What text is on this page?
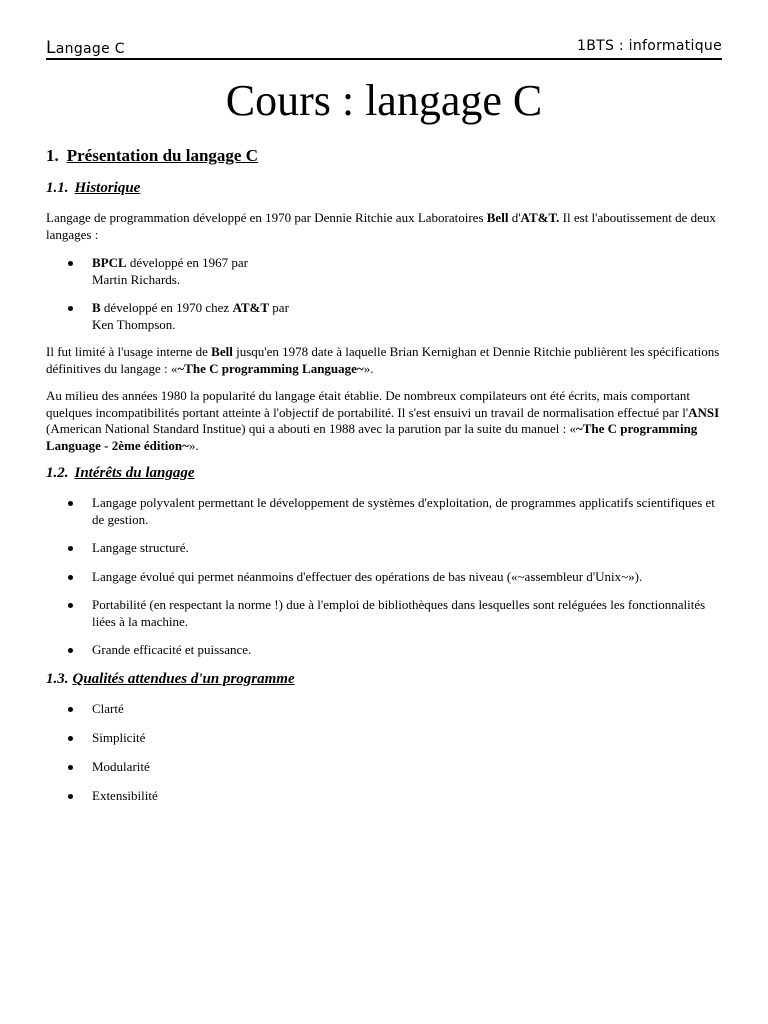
Langage C	1BTS : informatique
Cours : langage C
1. Présentation du langage C
1.1. Historique
Langage de programmation développé en 1970 par Dennie Ritchie aux Laboratoires Bell d'AT&T. Il est l'aboutissement de deux langages :
BPCL développé en 1967 par
Martin Richards.
B développé en 1970 chez AT&T par
Ken Thompson.
Il fut limité à l'usage interne de Bell jusqu'en 1978 date à laquelle Brian Kernighan et Dennie Ritchie publièrent les spécifications définitives du langage : «~The C programming Language~».
Au milieu des années 1980 la popularité du langage était établie. De nombreux compilateurs ont été écrits, mais comportant quelques incompatibilités portant atteinte à l'objectif de portabilité. Il s'est ensuivi un travail de normalisation effectué par l'ANSI (American National Standard Institue) qui a abouti en 1988 avec la parution par la suite du manuel : «~The C programming Language - 2ème édition~».
1.2. Intérêts du langage
Langage polyvalent permettant le développement de systèmes d'exploitation, de programmes applicatifs scientifiques et de gestion.
Langage structuré.
Langage évolué qui permet néanmoins d'effectuer des opérations de bas niveau («~assembleur d'Unix~»).
Portabilité (en respectant la norme !) due à l'emploi de bibliothèques dans lesquelles sont reléguées les fonctionnalités liées à la machine.
Grande efficacité et puissance.
1.3. Qualités attendues d'un programme
Clarté
Simplicité
Modularité
Extensibilité
